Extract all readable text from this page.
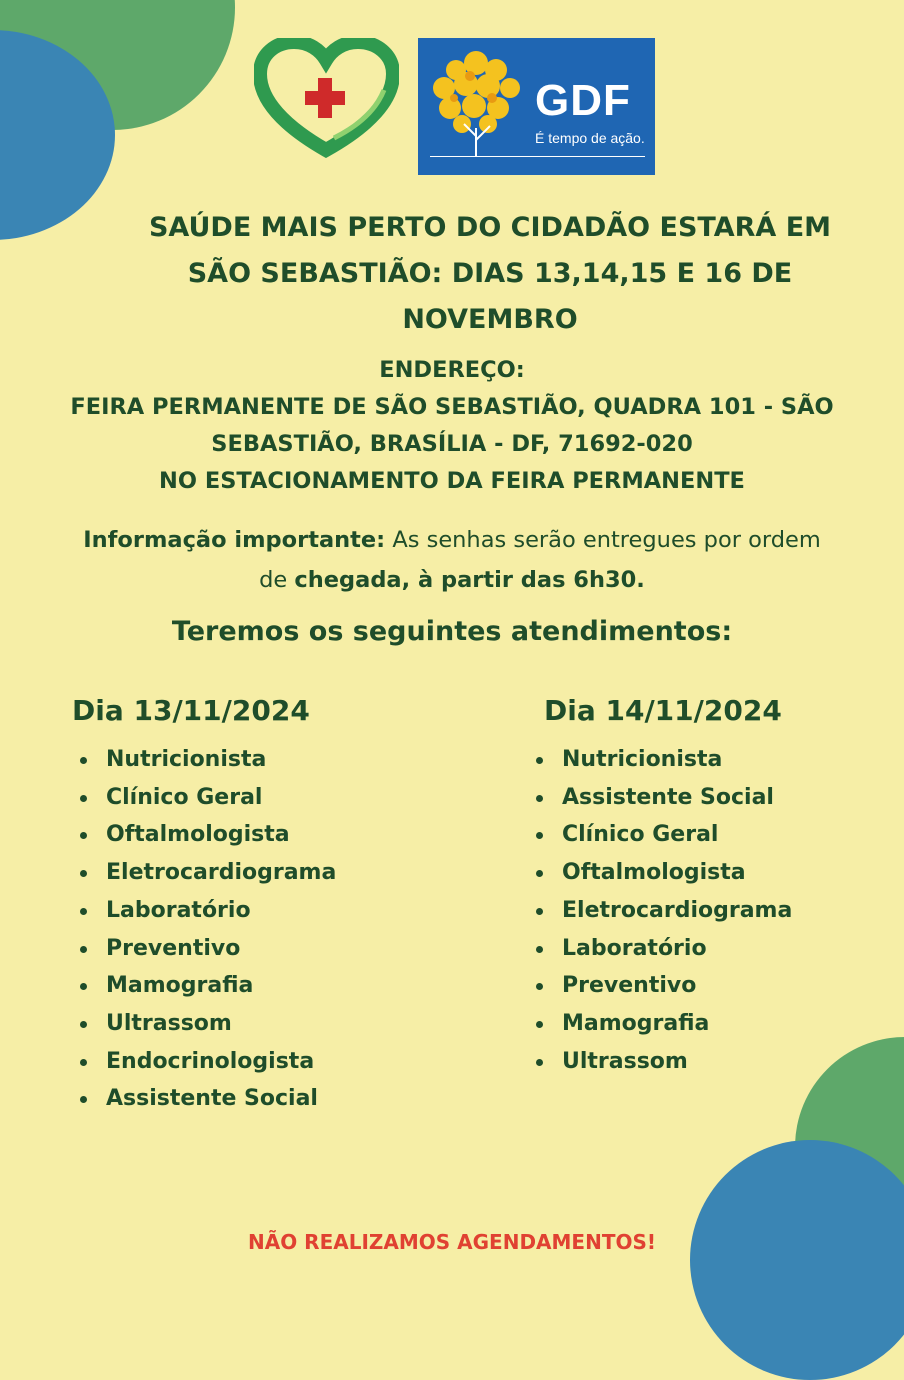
GDF
É tempo de ação.
SAÚDE MAIS PERTO DO CIDADÃO ESTARÁ EM
SÃO SEBASTIÃO: DIAS 13,14,15 E 16 DE
NOVEMBRO
ENDEREÇO:
FEIRA PERMANENTE DE SÃO SEBASTIÃO, QUADRA 101 - SÃO
SEBASTIÃO, BRASÍLIA - DF, 71692-020
NO ESTACIONAMENTO DA FEIRA PERMANENTE
Informação importante: As senhas serão entregues por ordem
de chegada, à partir das 6h30.
Teremos os seguintes atendimentos:
Dia 13/11/2024
Nutricionista
Clínico Geral
Oftalmologista
Eletrocardiograma
Laboratório
Preventivo
Mamografia
Ultrassom
Endocrinologista
Assistente Social
Dia 14/11/2024
Nutricionista
Assistente Social
Clínico Geral
Oftalmologista
Eletrocardiograma
Laboratório
Preventivo
Mamografia
Ultrassom
NÃO REALIZAMOS AGENDAMENTOS!
